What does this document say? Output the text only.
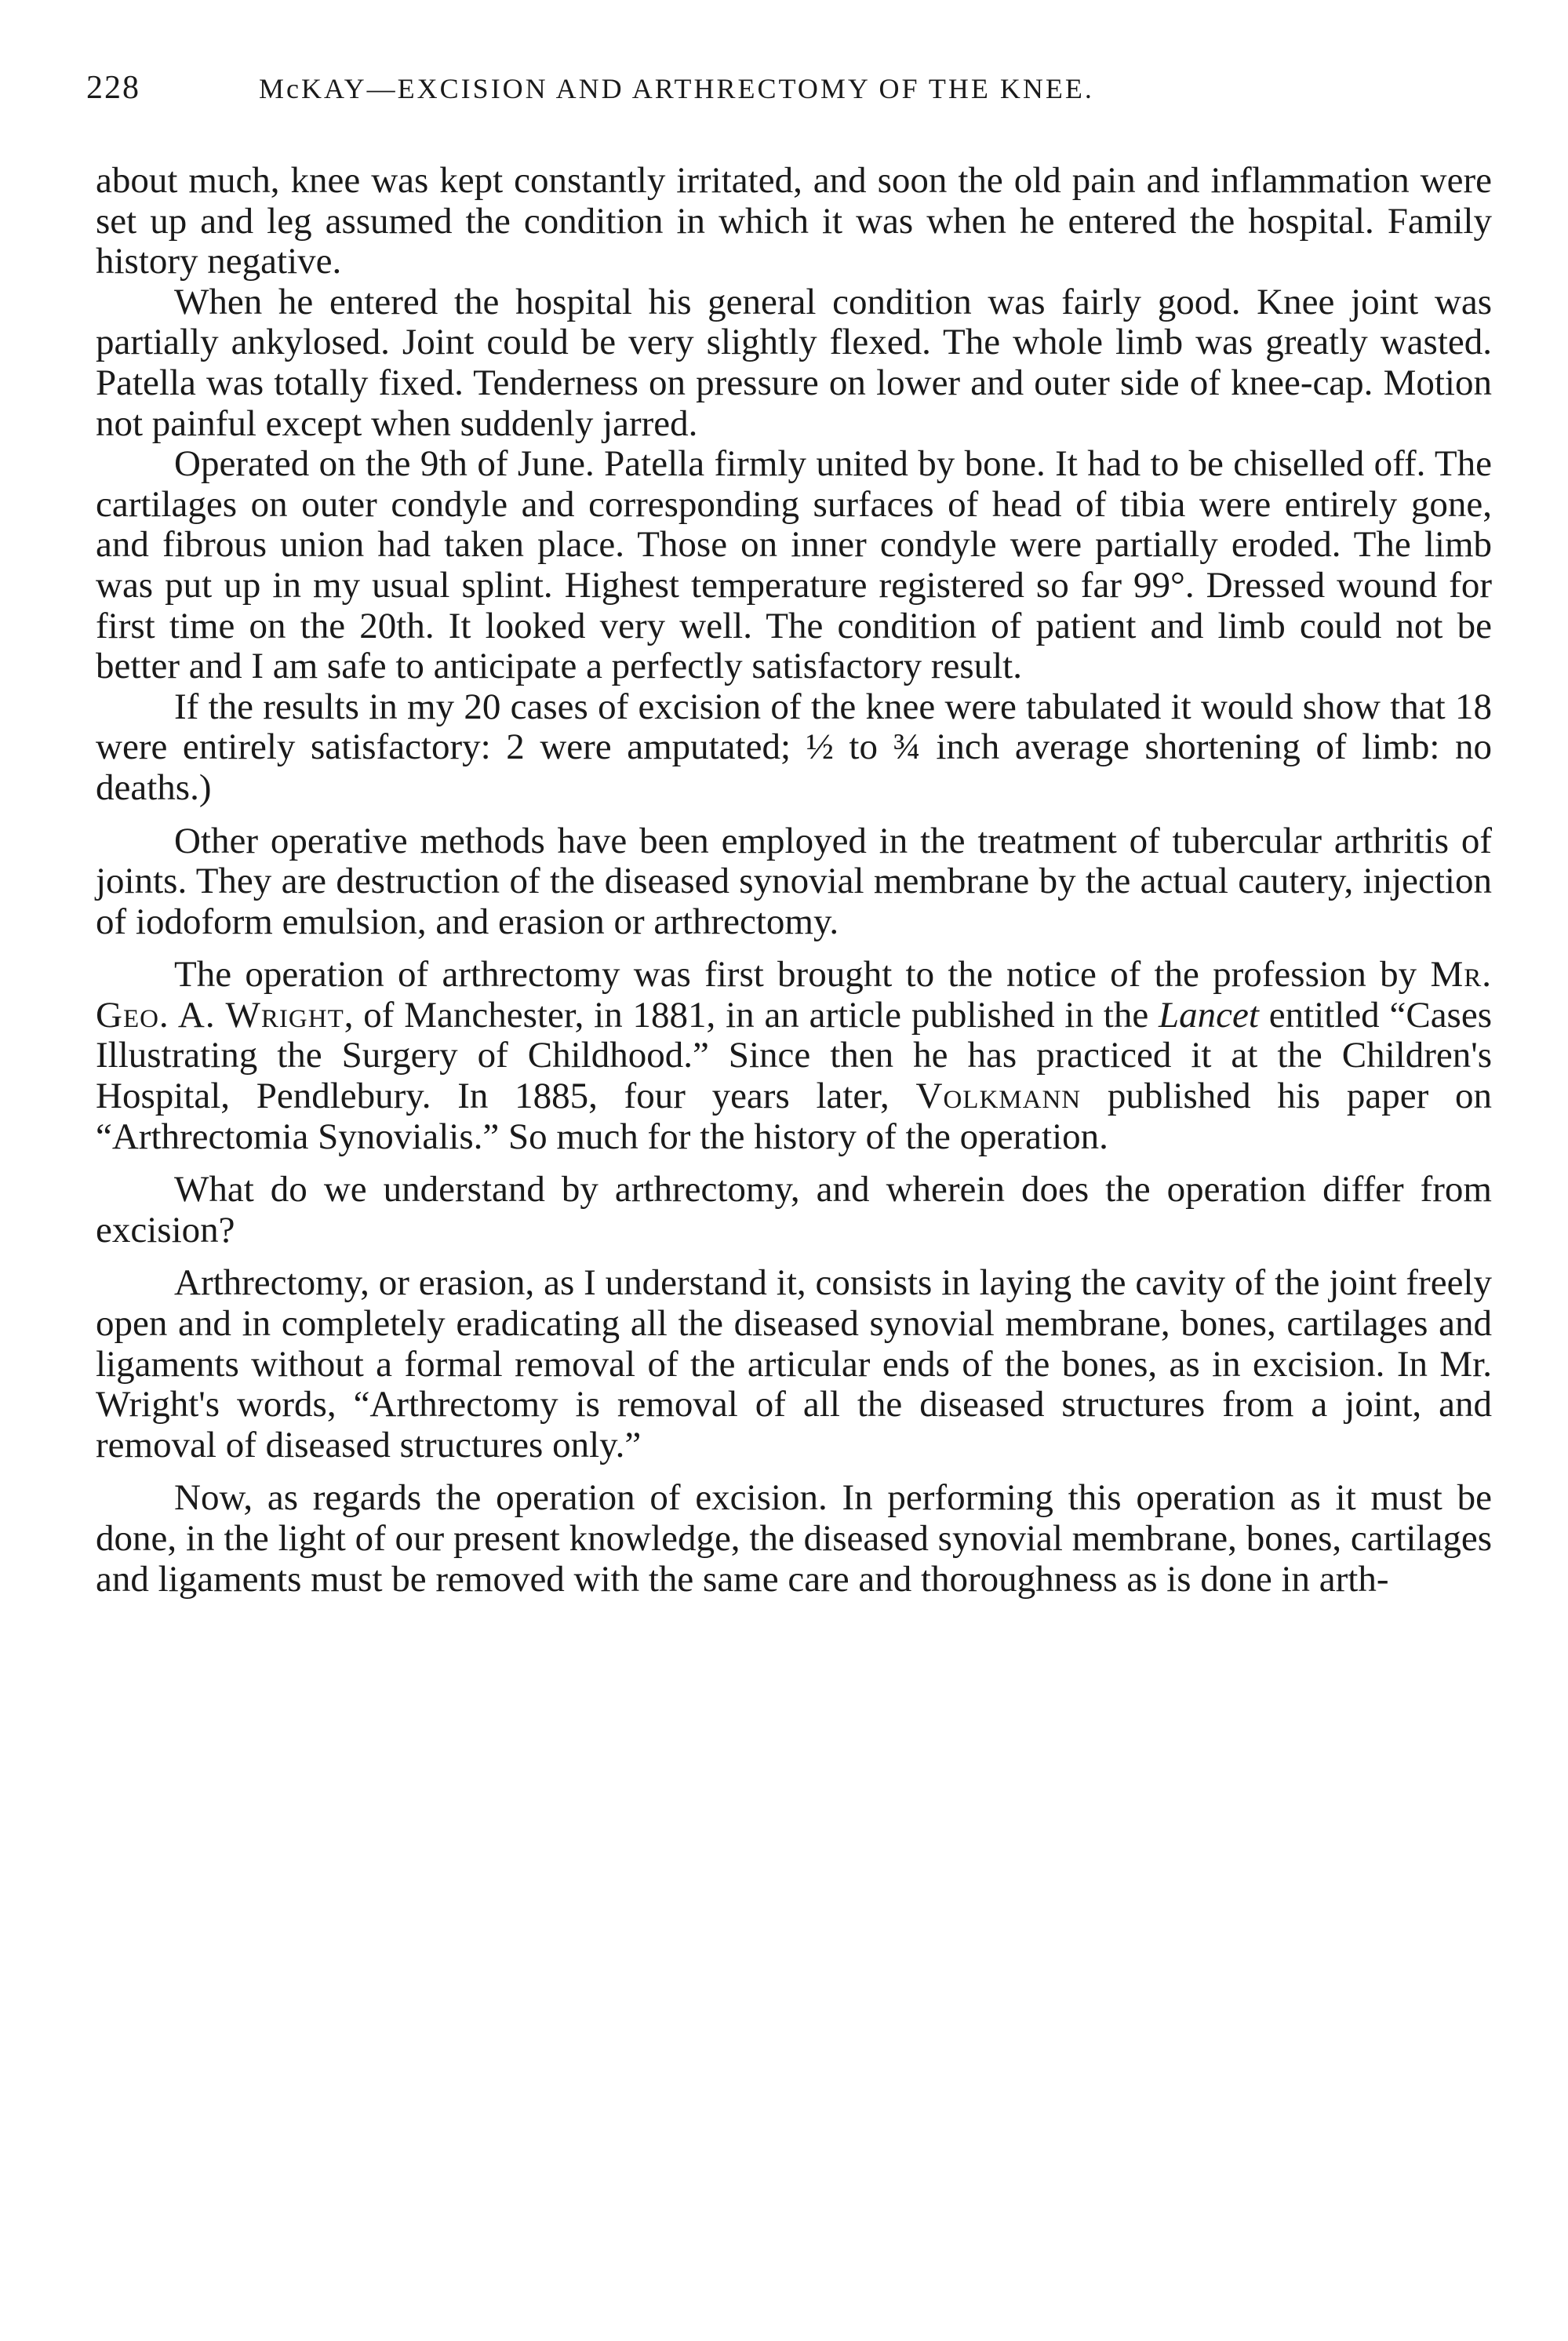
228	McKAY—EXCISION AND ARTHRECTOMY OF THE KNEE.

about much, knee was kept constantly irritated, and soon the old pain and inflammation were set up and leg assumed the condition in which it was when he entered the hospital. Family history negative.

When he entered the hospital his general condition was fairly good. Knee joint was partially ankylosed. Joint could be very slightly flexed. The whole limb was greatly wasted. Patella was totally fixed. Tenderness on pressure on lower and outer side of knee-cap. Motion not painful except when suddenly jarred.

Operated on the 9th of June. Patella firmly united by bone. It had to be chiselled off. The cartilages on outer condyle and corresponding surfaces of head of tibia were entirely gone, and fibrous union had taken place. Those on inner condyle were partially eroded. The limb was put up in my usual splint. Highest temperature registered so far 99°. Dressed wound for first time on the 20th. It looked very well. The condition of patient and limb could not be better and I am safe to anticipate a perfectly satisfactory result.

If the results in my 20 cases of excision of the knee were tabulated it would show that 18 were entirely satisfactory: 2 were amputated; ½ to ¾ inch average shortening of limb: no deaths.)

Other operative methods have been employed in the treatment of tubercular arthritis of joints. They are destruction of the diseased synovial membrane by the actual cautery, injection of iodoform emulsion, and erasion or arthrectomy.

The operation of arthrectomy was first brought to the notice of the profession by Mr. Geo. A. Wright, of Manchester, in 1881, in an article published in the Lancet entitled “Cases Illustrating the Surgery of Childhood.” Since then he has practiced it at the Children's Hospital, Pendlebury. In 1885, four years later, Volkmann published his paper on “Arthrectomia Synovialis.” So much for the history of the operation.

What do we understand by arthrectomy, and wherein does the operation differ from excision?

Arthrectomy, or erasion, as I understand it, consists in laying the cavity of the joint freely open and in completely eradicating all the diseased synovial membrane, bones, cartilages and ligaments without a formal removal of the articular ends of the bones, as in excision. In Mr. Wright's words, “Arthrectomy is removal of all the diseased structures from a joint, and removal of diseased structures only.”

Now, as regards the operation of excision. In performing this operation as it must be done, in the light of our present knowledge, the diseased synovial membrane, bones, cartilages and ligaments must be removed with the same care and thoroughness as is done in arth-
